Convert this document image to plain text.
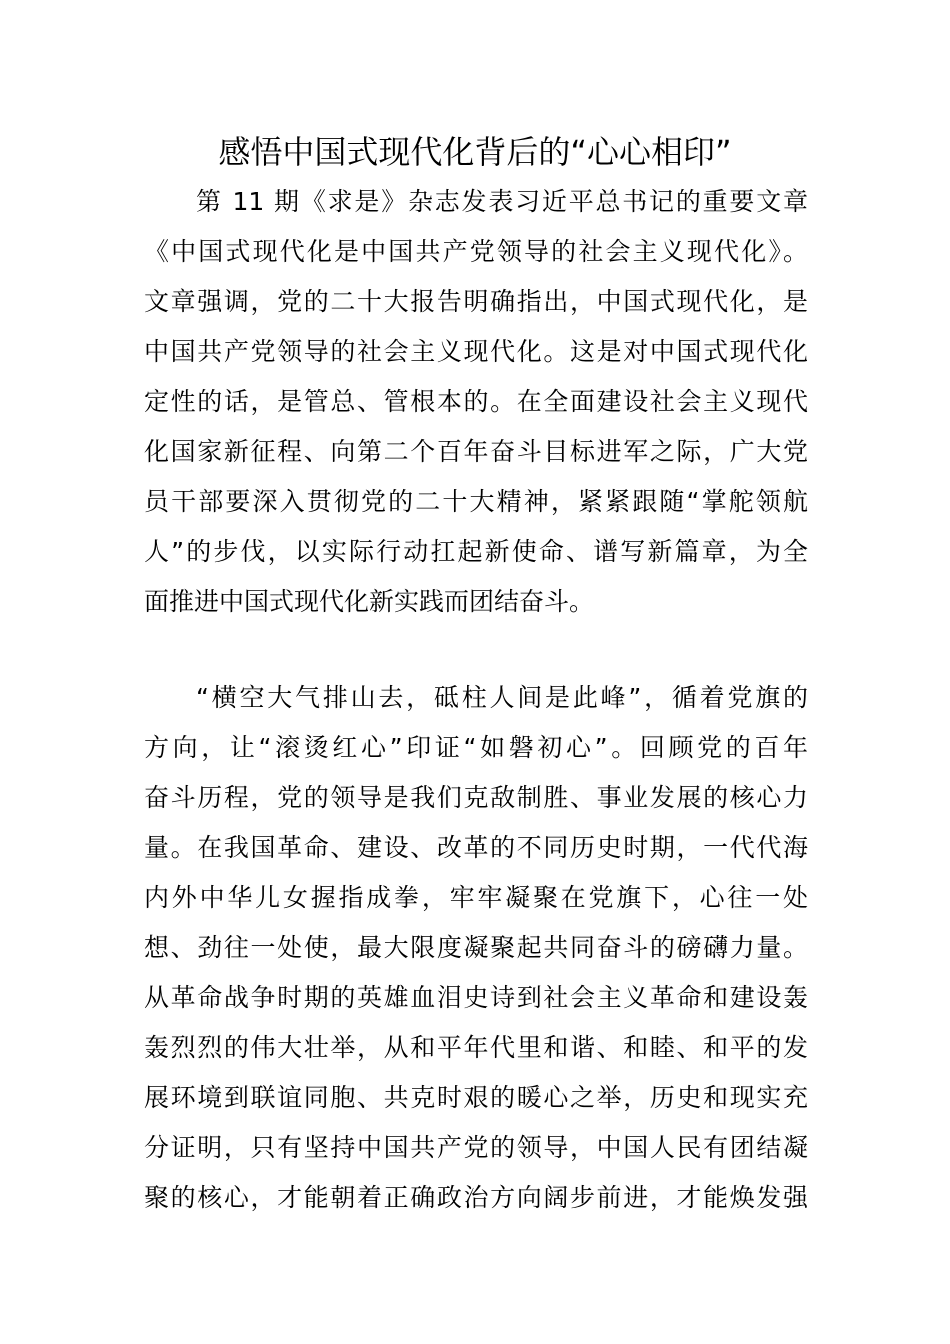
感悟中国式现代化背后的“心心相印”
第 11 期《求是》杂志发表习近平总书记的重要文章
《中国式现代化是中国共产党领导的社会主义现代化》。
文章强调，党的二十大报告明确指出，中国式现代化，是
中国共产党领导的社会主义现代化。这是对中国式现代化
定性的话，是管总、管根本的。在全面建设社会主义现代
化国家新征程、向第二个百年奋斗目标进军之际，广大党
员干部要深入贯彻党的二十大精神，紧紧跟随“掌舵领航
人”的步伐，以实际行动扛起新使命、谱写新篇章，为全
面推进中国式现代化新实践而团结奋斗。
“横空大气排山去，砥柱人间是此峰”，循着党旗的
方向，让“滚烫红心”印证“如磐初心”。回顾党的百年
奋斗历程，党的领导是我们克敌制胜、事业发展的核心力
量。在我国革命、建设、改革的不同历史时期，一代代海
内外中华儿女握指成拳，牢牢凝聚在党旗下，心往一处
想、劲往一处使，最大限度凝聚起共同奋斗的磅礴力量。
从革命战争时期的英雄血泪史诗到社会主义革命和建设轰
轰烈烈的伟大壮举，从和平年代里和谐、和睦、和平的发
展环境到联谊同胞、共克时艰的暖心之举，历史和现实充
分证明，只有坚持中国共产党的领导，中国人民有团结凝
聚的核心，才能朝着正确政治方向阔步前进，才能焕发强
